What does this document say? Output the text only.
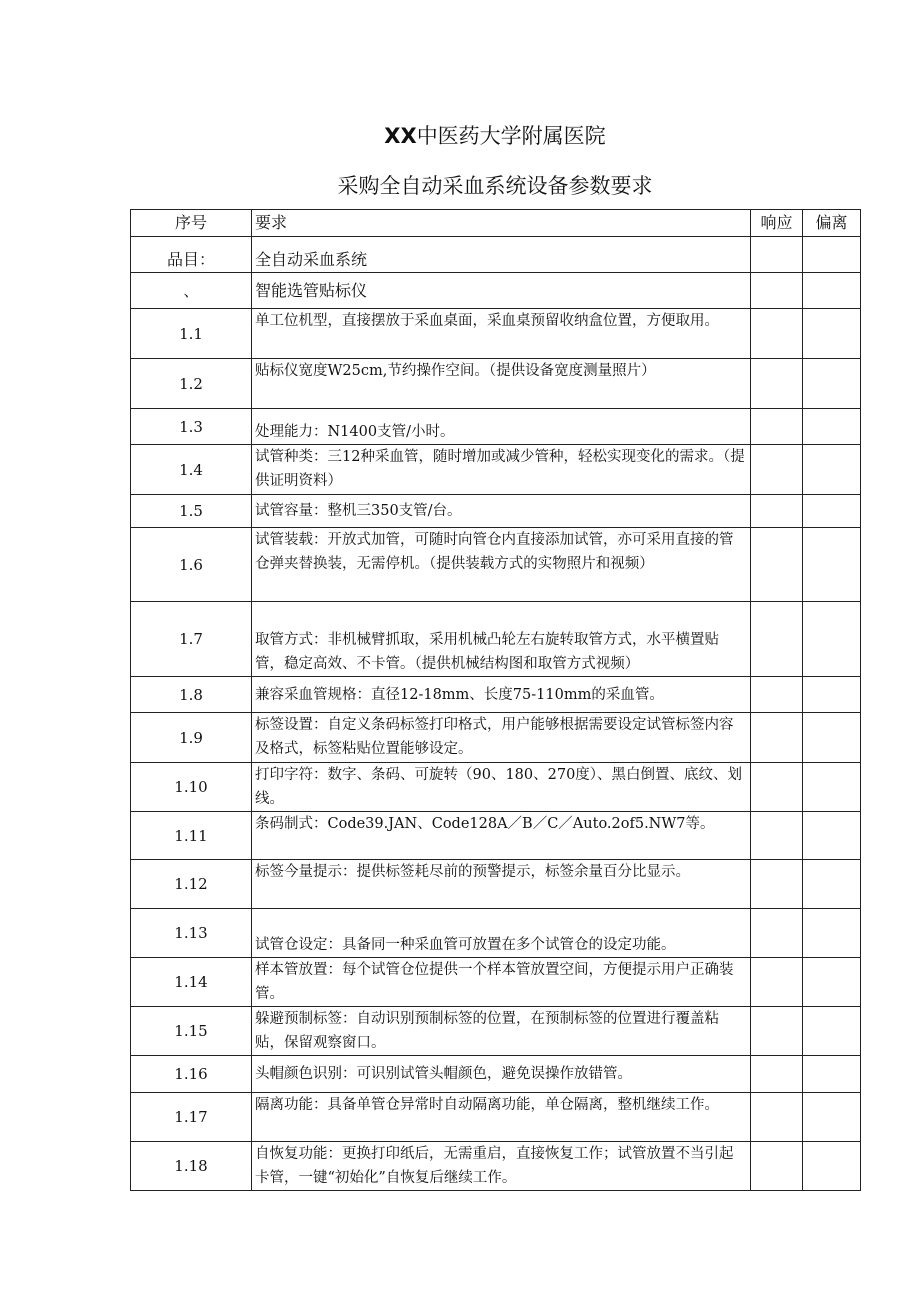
XX中医药大学附属医院
采购全自动采血系统设备参数要求
序号	要求	响应	偏离
品目：	全自动采血系统		
、	智能选管贴标仪		
1.1	单工位机型，直接摆放于采血桌面，采血桌预留收纳盒位置，方便取用。		
1.2	贴标仪宽度W25cm,节约操作空间。（提供设备宽度测量照片）		
1.3	处理能力：N1400支管/小时。		
1.4	试管种类：三12种采血管，随时增加或减少管种，轻松实现变化的需求。（提供证明资料）		
1.5	试管容量：整机三350支管/台。		
1.6	试管装载：开放式加管，可随时向管仓内直接添加试管，亦可采用直接的管仓弹夹替换装，无需停机。（提供装载方式的实物照片和视频）		
1.7	取管方式：非机械臂抓取，采用机械凸轮左右旋转取管方式，水平横置贴管，稳定高效、不卡管。（提供机械结构图和取管方式视频）		
1.8	兼容采血管规格：直径12-18mm、长度75-110mm的采血管。		
1.9	标签设置：自定义条码标签打印格式，用户能够根据需要设定试管标签内容及格式，标签粘贴位置能够设定。		
1.10	打印字符：数字、条码、可旋转（90、180、270度）、黑白倒置、底纹、划线。		
1.11	条码制式：Code39.JAN、Code128A／B／C／Auto.2of5.NW7等。		
1.12	标签今量提示：提供标签耗尽前的预警提示，标签余量百分比显示。		
1.13	试管仓设定：具备同一种采血管可放置在多个试管仓的设定功能。		
1.14	样本管放置：每个试管仓位提供一个样本管放置空间，方便提示用户正确装管。		
1.15	躲避预制标签：自动识别预制标签的位置，在预制标签的位置进行覆盖粘贴，保留观察窗口。		
1.16	头帽颜色识别：可识别试管头帽颜色，避免误操作放错管。		
1.17	隔离功能：具备单管仓异常时自动隔离功能，单仓隔离，整机继续工作。		
1.18	自恢复功能：更换打印纸后，无需重启，直接恢复工作；试管放置不当引起卡管，一键“初始化”自恢复后继续工作。		
